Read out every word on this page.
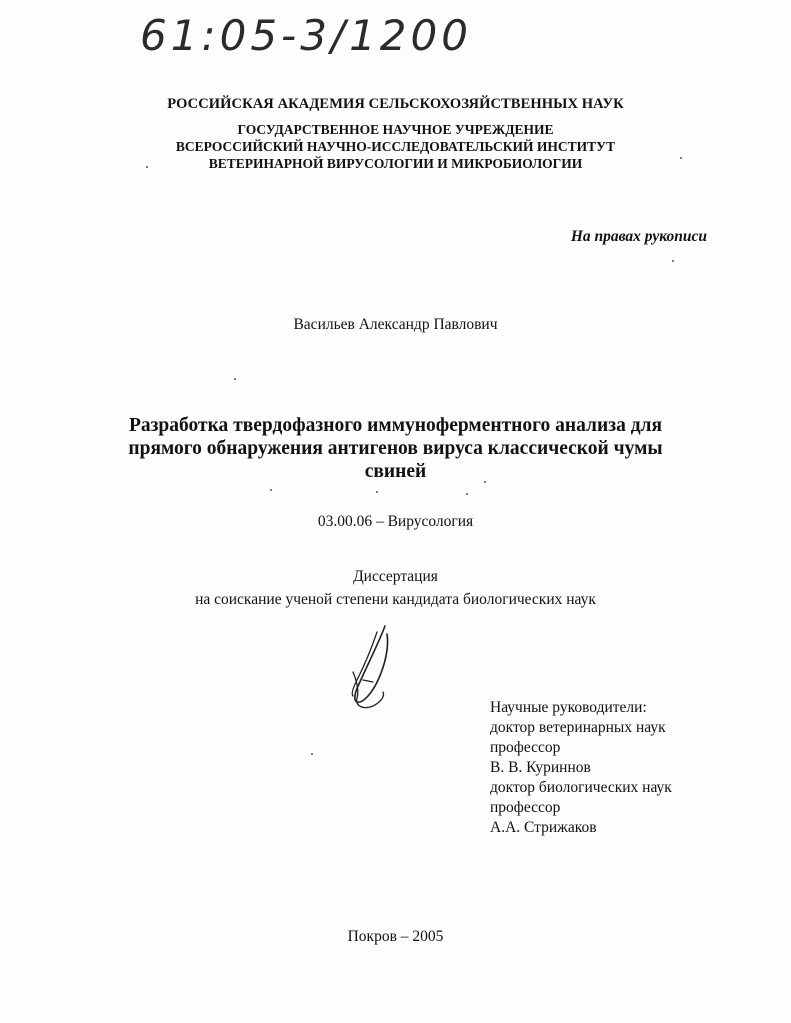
61:05-3/1200
РОССИЙСКАЯ АКАДЕМИЯ СЕЛЬСКОХОЗЯЙСТВЕННЫХ НАУК
ГОСУДАРСТВЕННОЕ НАУЧНОЕ УЧРЕЖДЕНИЕ
ВСЕРОССИЙСКИЙ НАУЧНО-ИССЛЕДОВАТЕЛЬСКИЙ ИНСТИТУТ
ВЕТЕРИНАРНОЙ ВИРУСОЛОГИИ И МИКРОБИОЛОГИИ
На правах рукописи
Васильев Александр Павлович
Разработка твердофазного иммуноферментного анализа для
прямого обнаружения антигенов вируса классической чумы
свиней
03.00.06 – Вирусология
Диссертация
на соискание ученой степени кандидата биологических наук
Научные руководители:
доктор ветеринарных наук
профессор
В. В. Куриннов
доктор биологических наук
профессор
А.А. Стрижаков
Покров – 2005
